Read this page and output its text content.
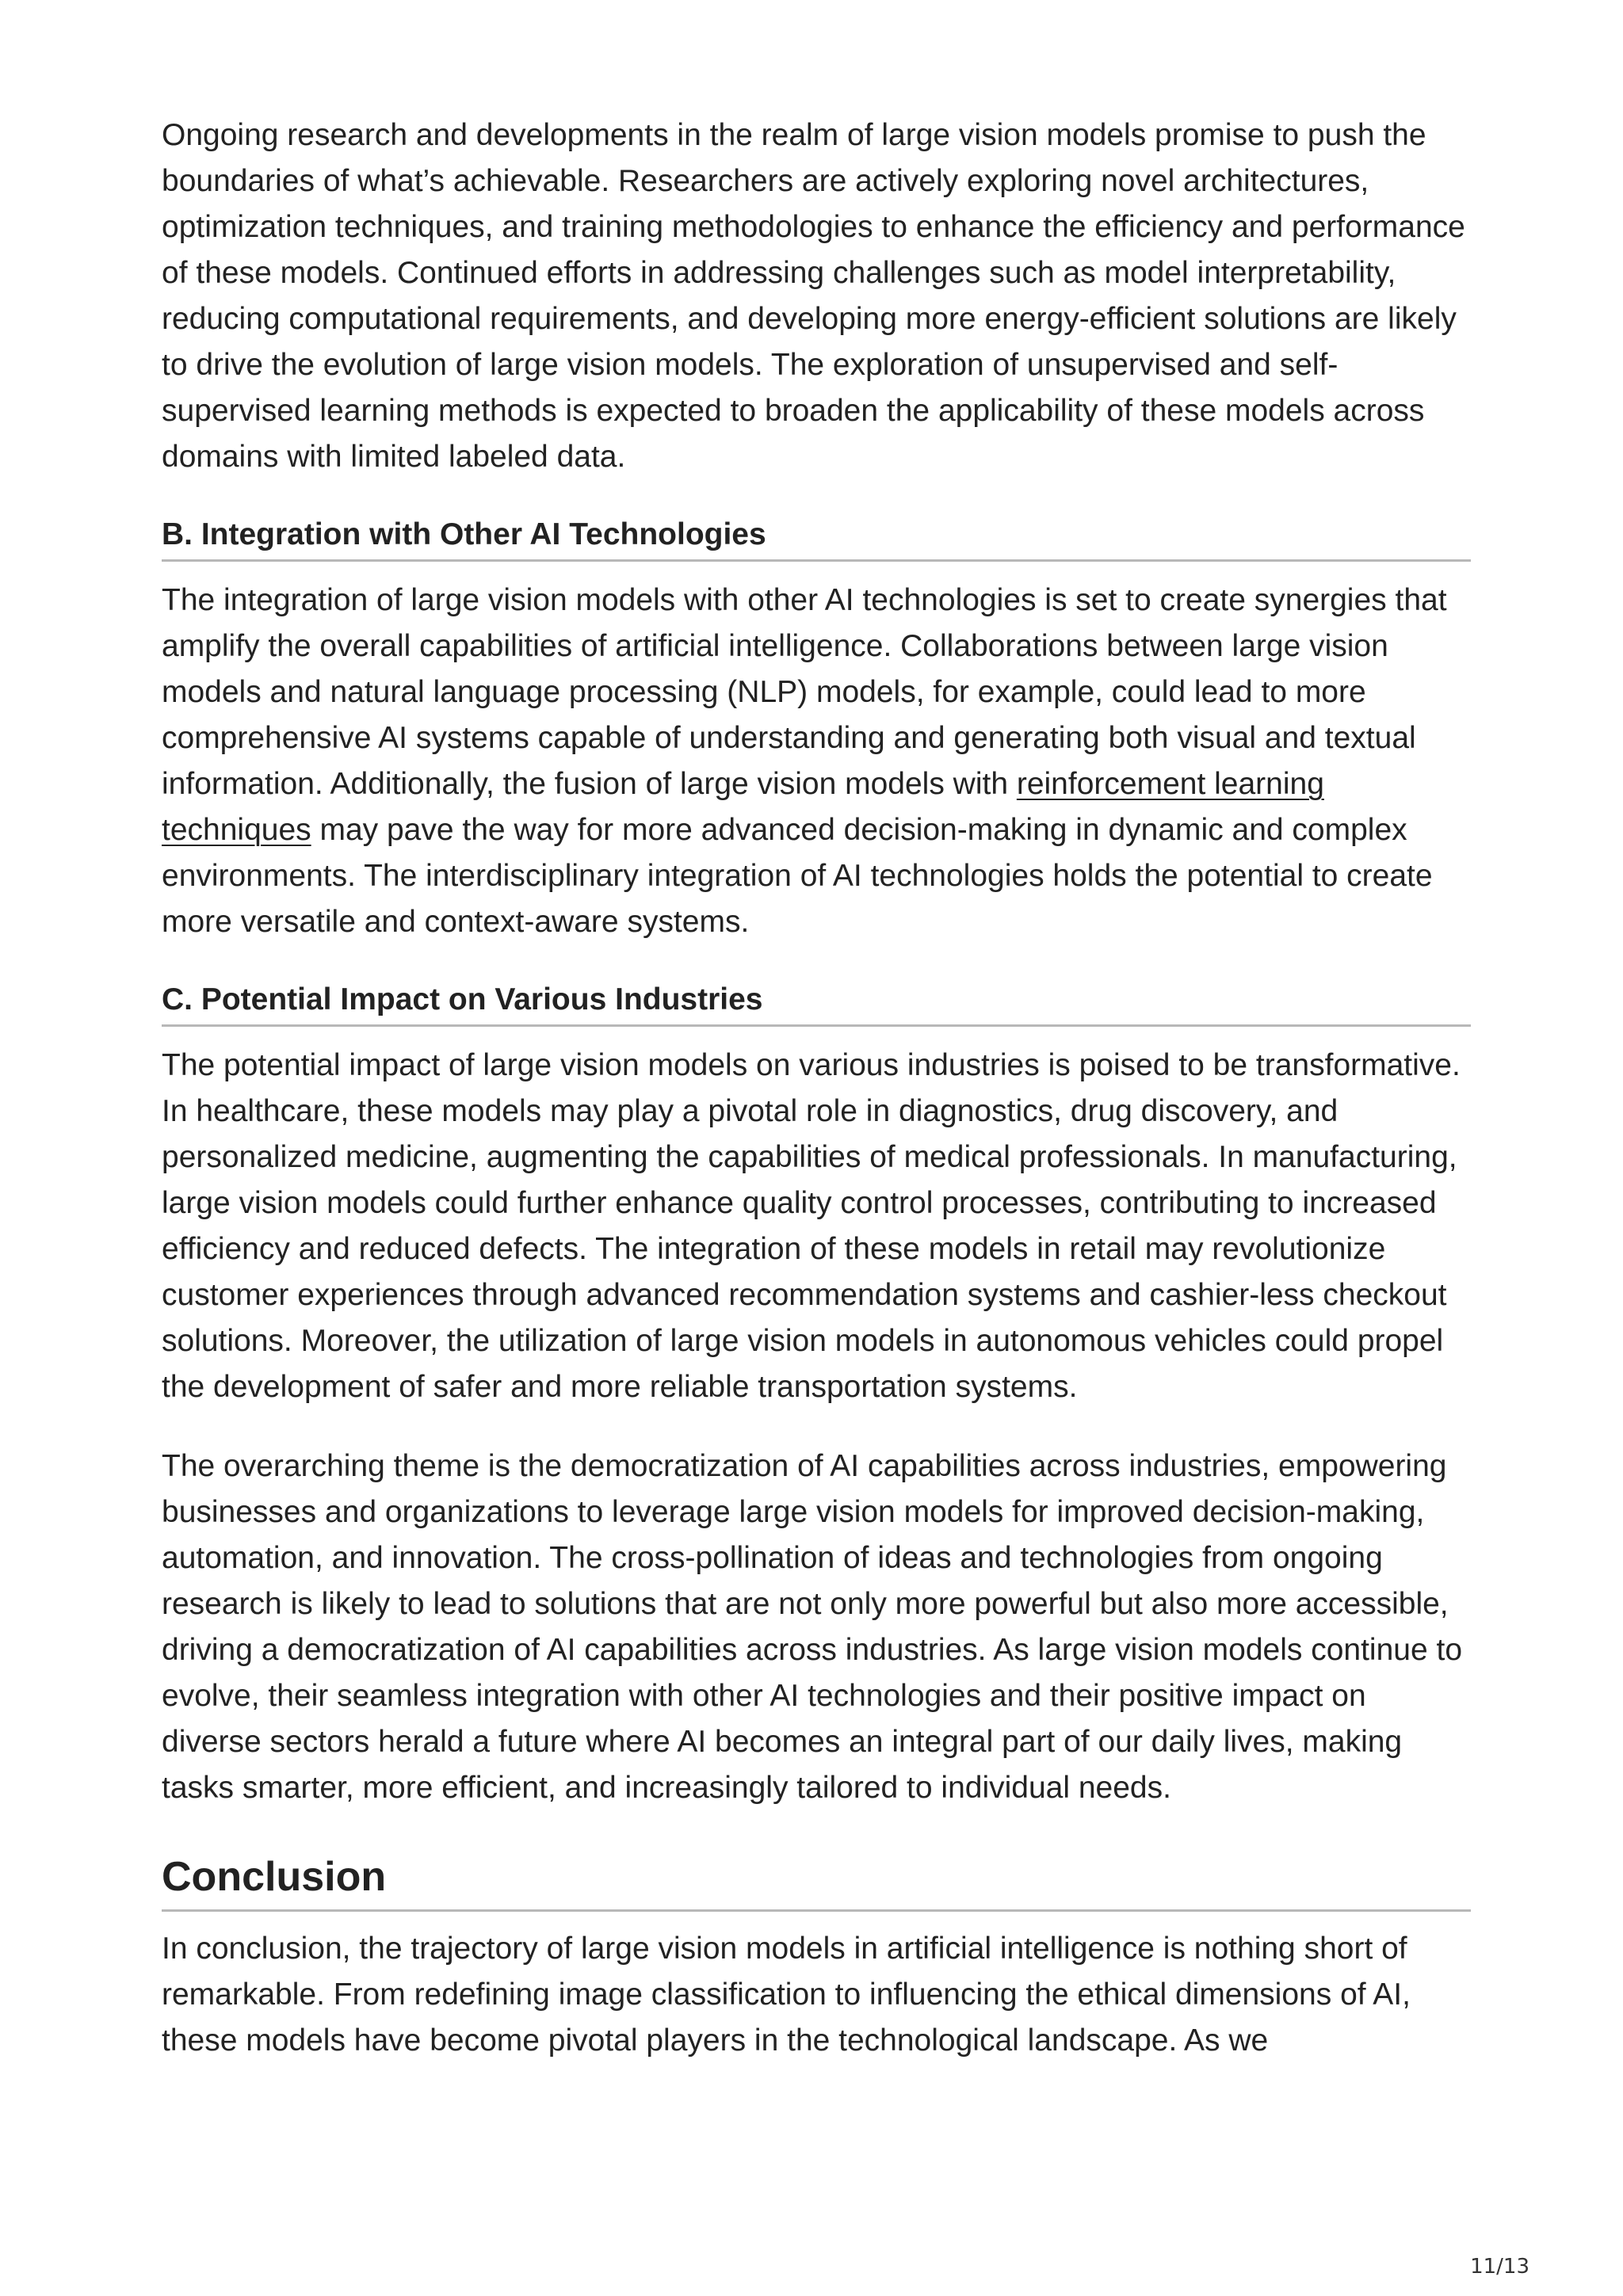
Ongoing research and developments in the realm of large vision models promise to push the boundaries of what’s achievable. Researchers are actively exploring novel architectures, optimization techniques, and training methodologies to enhance the efficiency and performance of these models. Continued efforts in addressing challenges such as model interpretability, reducing computational requirements, and developing more energy-efficient solutions are likely to drive the evolution of large vision models. The exploration of unsupervised and self-supervised learning methods is expected to broaden the applicability of these models across domains with limited labeled data.

B. Integration with Other AI Technologies

The integration of large vision models with other AI technologies is set to create synergies that amplify the overall capabilities of artificial intelligence. Collaborations between large vision models and natural language processing (NLP) models, for example, could lead to more comprehensive AI systems capable of understanding and generating both visual and textual information. Additionally, the fusion of large vision models with reinforcement learning techniques may pave the way for more advanced decision-making in dynamic and complex environments. The interdisciplinary integration of AI technologies holds the potential to create more versatile and context-aware systems.

C. Potential Impact on Various Industries

The potential impact of large vision models on various industries is poised to be transformative. In healthcare, these models may play a pivotal role in diagnostics, drug discovery, and personalized medicine, augmenting the capabilities of medical professionals. In manufacturing, large vision models could further enhance quality control processes, contributing to increased efficiency and reduced defects. The integration of these models in retail may revolutionize customer experiences through advanced recommendation systems and cashier-less checkout solutions. Moreover, the utilization of large vision models in autonomous vehicles could propel the development of safer and more reliable transportation systems.

The overarching theme is the democratization of AI capabilities across industries, empowering businesses and organizations to leverage large vision models for improved decision-making, automation, and innovation. The cross-pollination of ideas and technologies from ongoing research is likely to lead to solutions that are not only more powerful but also more accessible, driving a democratization of AI capabilities across industries. As large vision models continue to evolve, their seamless integration with other AI technologies and their positive impact on diverse sectors herald a future where AI becomes an integral part of our daily lives, making tasks smarter, more efficient, and increasingly tailored to individual needs.

Conclusion

In conclusion, the trajectory of large vision models in artificial intelligence is nothing short of remarkable. From redefining image classification to influencing the ethical dimensions of AI, these models have become pivotal players in the technological landscape. As we

11/13
